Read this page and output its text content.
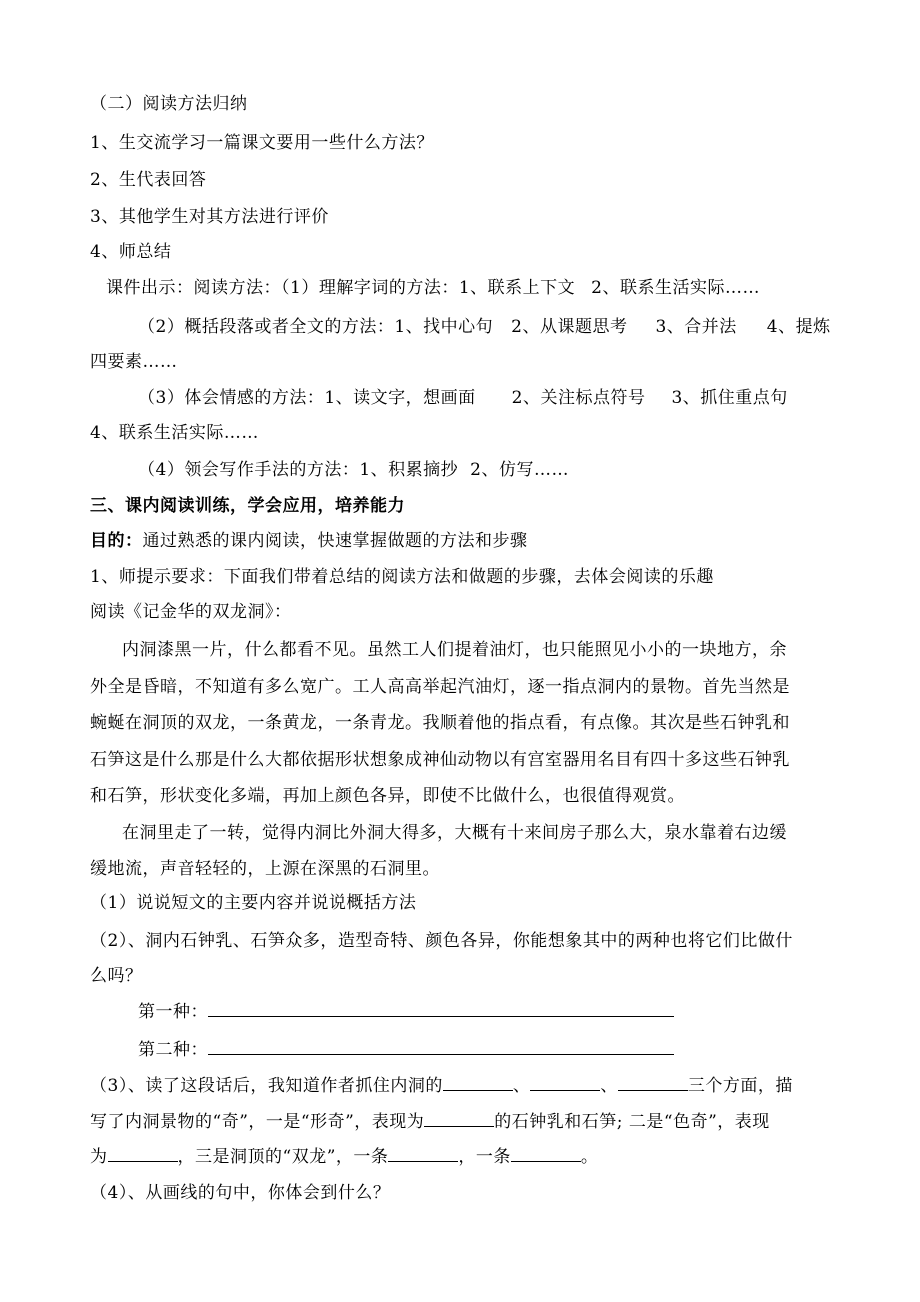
（二）阅读方法归纳
1、生交流学习一篇课文要用一些什么方法？
2、生代表回答
3、其他学生对其方法进行评价
4、师总结
课件出示：阅读方法：（1）理解字词的方法：1、联系上下文 2、联系生活实际……
（2）概括段落或者全文的方法：1、找中心句 2、从课题思考 3、合并法 4、提炼
四要素……
（3）体会情感的方法：1、读文字，想画面 2、关注标点符号 3、抓住重点句
4、联系生活实际……
（4）领会写作手法的方法：1、积累摘抄 2、仿写……
三、课内阅读训练，学会应用，培养能力
目的：通过熟悉的课内阅读，快速掌握做题的方法和步骤
1、师提示要求：下面我们带着总结的阅读方法和做题的步骤，去体会阅读的乐趣
阅读《记金华的双龙洞》：
内洞漆黑一片，什么都看不见。虽然工人们提着油灯，也只能照见小小的一块地方，余
外全是昏暗，不知道有多么宽广。工人高高举起汽油灯，逐一指点洞内的景物。首先当然是
蜿蜒在洞顶的双龙，一条黄龙，一条青龙。我顺着他的指点看，有点像。其次是些石钟乳和
石笋这是什么那是什么大都依据形状想象成神仙动物以有宫室器用名目有四十多这些石钟乳
和石笋，形状变化多端，再加上颜色各异，即使不比做什么，也很值得观赏。
在洞里走了一转，觉得内洞比外洞大得多，大概有十来间房子那么大，泉水靠着右边缓
缓地流，声音轻轻的，上源在深黑的石洞里。
（1）说说短文的主要内容并说说概括方法
（2）、洞内石钟乳、石笋众多，造型奇特、颜色各异，你能想象其中的两种也将它们比做什
么吗？
第一种：
第二种：
（3）、读了这段话后，我知道作者抓住内洞的	、	、	三个方面，描
写了内洞景物的“奇”，一是“形奇”，表现为	的石钟乳和石笋; 二是“色奇”，表现
为	，三是洞顶的“双龙”，一条	，一条	。
（4）、从画线的句中，你体会到什么？
